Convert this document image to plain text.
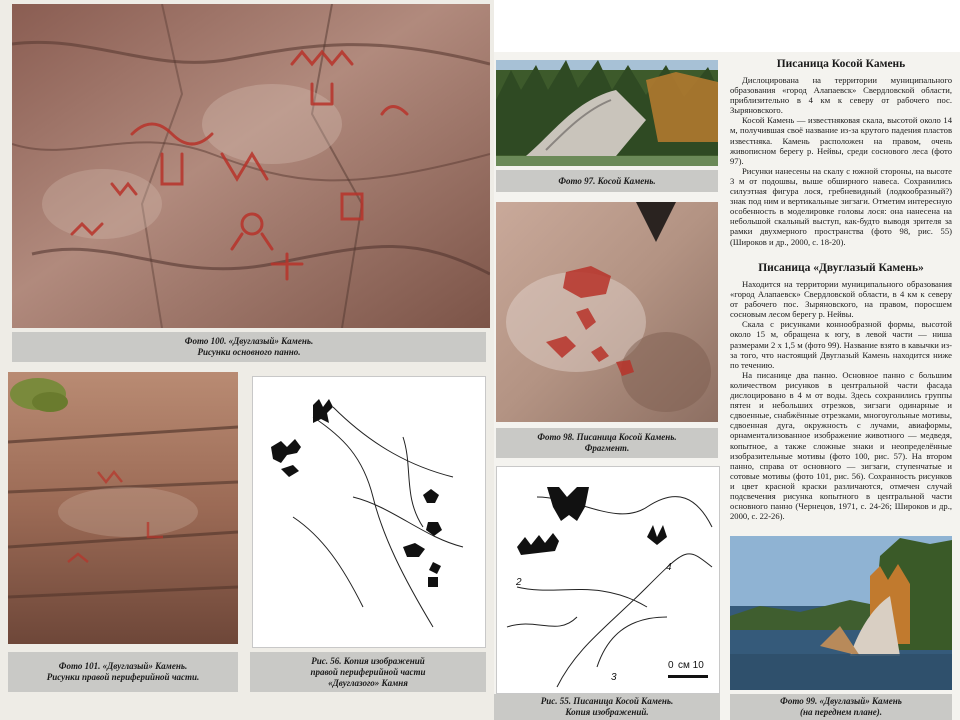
Фото 100. «Двуглазый» Камень.
Рисунки основного панно.
Фото 101. «Двуглазый» Камень.
Рисунки правой периферийной части.
Рис. 56. Копия изображений
правой периферийной части
«Двуглазого» Камня
Фото 97. Косой Камень.
Фото 98. Писаница Косой Камень.
Фрагмент.
2
4
3
0 см 10
Рис. 55. Писаница Косой Камень.
Копия изображений.
Писаница Косой Камень

Дислоцирована на территории муниципального образования «город Алапаевск» Свердловской области, приблизительно в 4 км к северу от рабочего пос. Зыряновского.

Косой Камень — известняковая скала, высотой около 14 м, получившая своё название из-за крутого падения пластов известняка. Камень расположен на правом, очень живописном берегу р. Нейвы, среди соснового леса (фото 97).

Рисунки нанесены на скалу с южной стороны, на высоте 3 м от подошвы, выше обширного навеса. Сохранились силуэтная фигура лося, гребневидный (лодкообразный?) знак под ним и вертикальные зигзаги. Отметим интересную особенность в моделировке головы лося: она нанесена на небольшой скальный выступ, как-будто выводя зрителя за рамки двухмерного пространства (фото 98, рис. 55) (Широков и др., 2000, с. 18-20).

Писаница «Двуглазый Камень»

Находится на территории муниципального образования «город Алапаевск» Свердловской области, в 4 км к северу от рабочего пос. Зыряновского, на правом, поросшем сосновым лесом берегу р. Нейвы.

Скала с рисунками коннообразной формы, высотой около 15 м, обращена к югу, в левой части — ниша размерами 2 х 1,5 м (фото 99). Название взято в кавычки из-за того, что настоящий Двуглазый Камень находится ниже по течению.

На писанице два панно. Основное панно с большим количеством рисунков в центральной части фасада дислоцировано в 4 м от воды. Здесь сохранились группы пятен и небольших отрезков, зигзаги одинарные и сдвоенные, снабжённые отрезками, многоугольные мотивы, сдвоенная дуга, окружность с лучами, авиаформы, орнаментализованное изображение животного — медведя, копытное, а также сложные знаки и неопределённые изобразительные мотивы (фото 100, рис. 57). На втором панно, справа от основного — зигзаги, ступенчатые и сотовые мотивы (фото 101, рис. 56). Сохранность рисунков и цвет красной краски различаются, отмечен случай подсвечения рисунка копытного в центральной части основного панно (Чернецов, 1971, с. 24-26; Широков и др., 2000, с. 22-26).

Фото 99. «Двуглазый» Камень
(на переднем плане).
